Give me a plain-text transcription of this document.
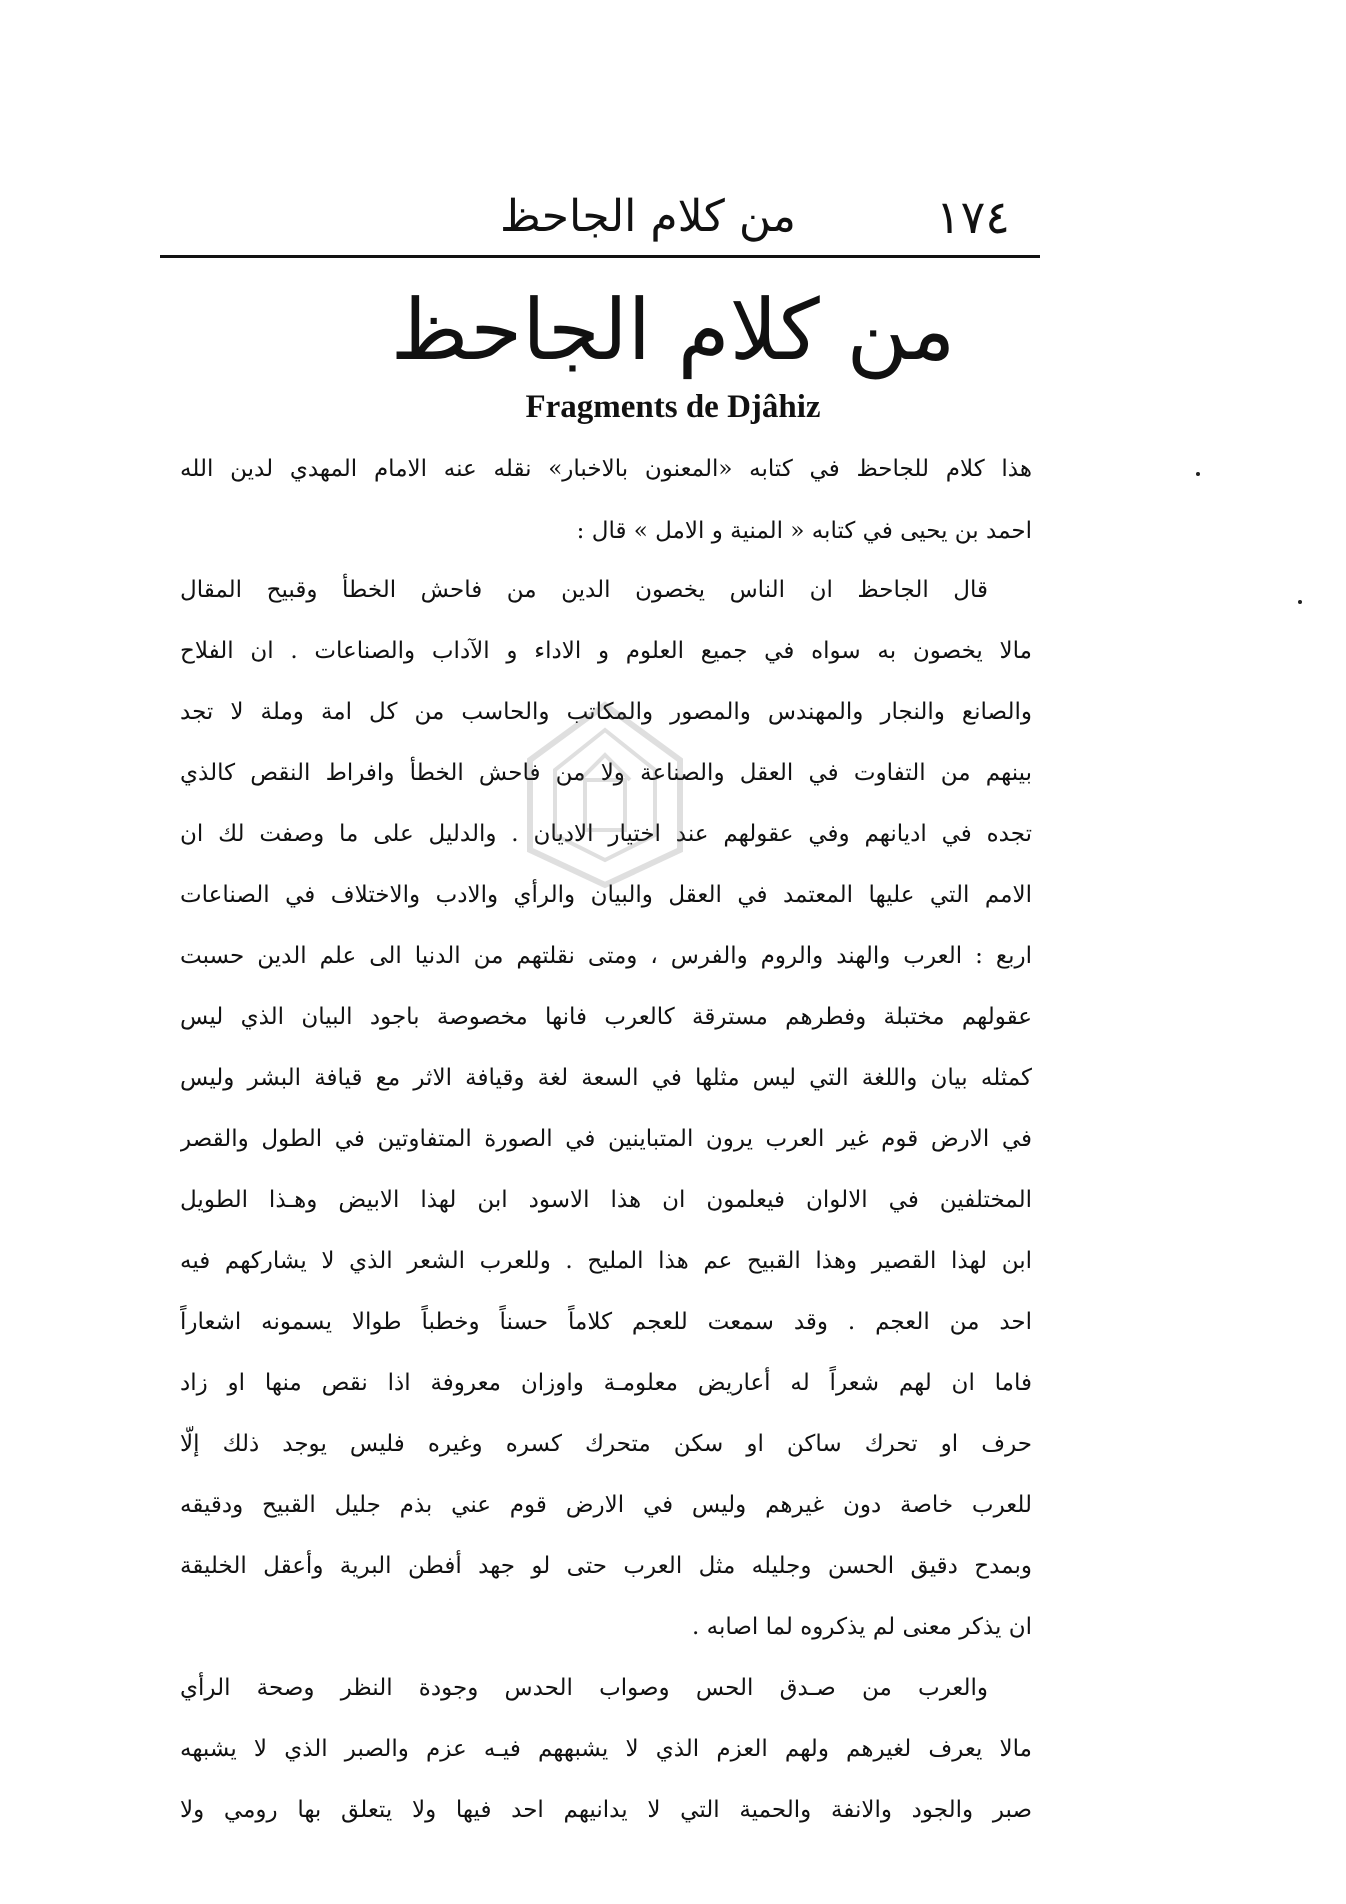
١٧٤
من كلام الجاحظ
من كلام الجاحظ
Fragments de Djâhiz
هذا كلام للجاحظ في كتابه «المعنون بالاخبار» نقله عنه الامام المهدي لدين الله
احمد بن يحيى في كتابه « المنية و الامل » قال :
قال الجاحظ ان الناس يخصون الدين من فاحش الخطأ وقبيح المقال
مالا يخصون به سواه في جميع العلوم و الاداء و الآداب والصناعات . ان الفلاح
والصانع والنجار والمهندس والمصور والمكاتب والحاسب من كل امة وملة لا تجد
بينهم من التفاوت في العقل والصناعة ولا من فاحش الخطأ وافراط النقص كالذي
تجده في اديانهم وفي عقولهم عند اختيار الاديان . والدليل على ما وصفت لك ان
الامم التي عليها المعتمد في العقل والبيان والرأي والادب والاختلاف في الصناعات
اربع : العرب والهند والروم والفرس ، ومتى نقلتهم من الدنيا الى علم الدين حسبت
عقولهم مختبلة وفطرهم مسترقة كالعرب فانها مخصوصة باجود البيان الذي ليس
كمثله بيان واللغة التي ليس مثلها في السعة لغة وقيافة الاثر مع قيافة البشر وليس
في الارض قوم غير العرب يرون المتباينين في الصورة المتفاوتين في الطول والقصر
المختلفين في الالوان فيعلمون ان هذا الاسود ابن لهذا الابيض وهـذا الطويل
ابن لهذا القصير وهذا القبيح عم هذا المليح . وللعرب الشعر الذي لا يشاركهم فيه
احد من العجم . وقد سمعت للعجم كلاماً حسناً وخطباً طوالا يسمونه اشعاراً
فاما ان لهم شعراً له أعاريض معلومـة واوزان معروفة اذا نقص منها او زاد
حرف او تحرك ساكن او سكن متحرك كسره وغيره فليس يوجد ذلك إلّا
للعرب خاصة دون غيرهم وليس في الارض قوم عني بذم جليل القبيح ودقيقه
وبمدح دقيق الحسن وجليله مثل العرب حتى لو جهد أفطن البرية وأعقل الخليقة
ان يذكر معنى لم يذكروه لما اصابه .
والعرب من صـدق الحس وصواب الحدس وجودة النظر وصحة الرأي
مالا يعرف لغيرهم ولهم العزم الذي لا يشبههم فيـه عزم والصبر الذي لا يشبهه
صبر والجود والانفة والحمية التي لا يدانيهم احد فيها ولا يتعلق بها رومي ولا
